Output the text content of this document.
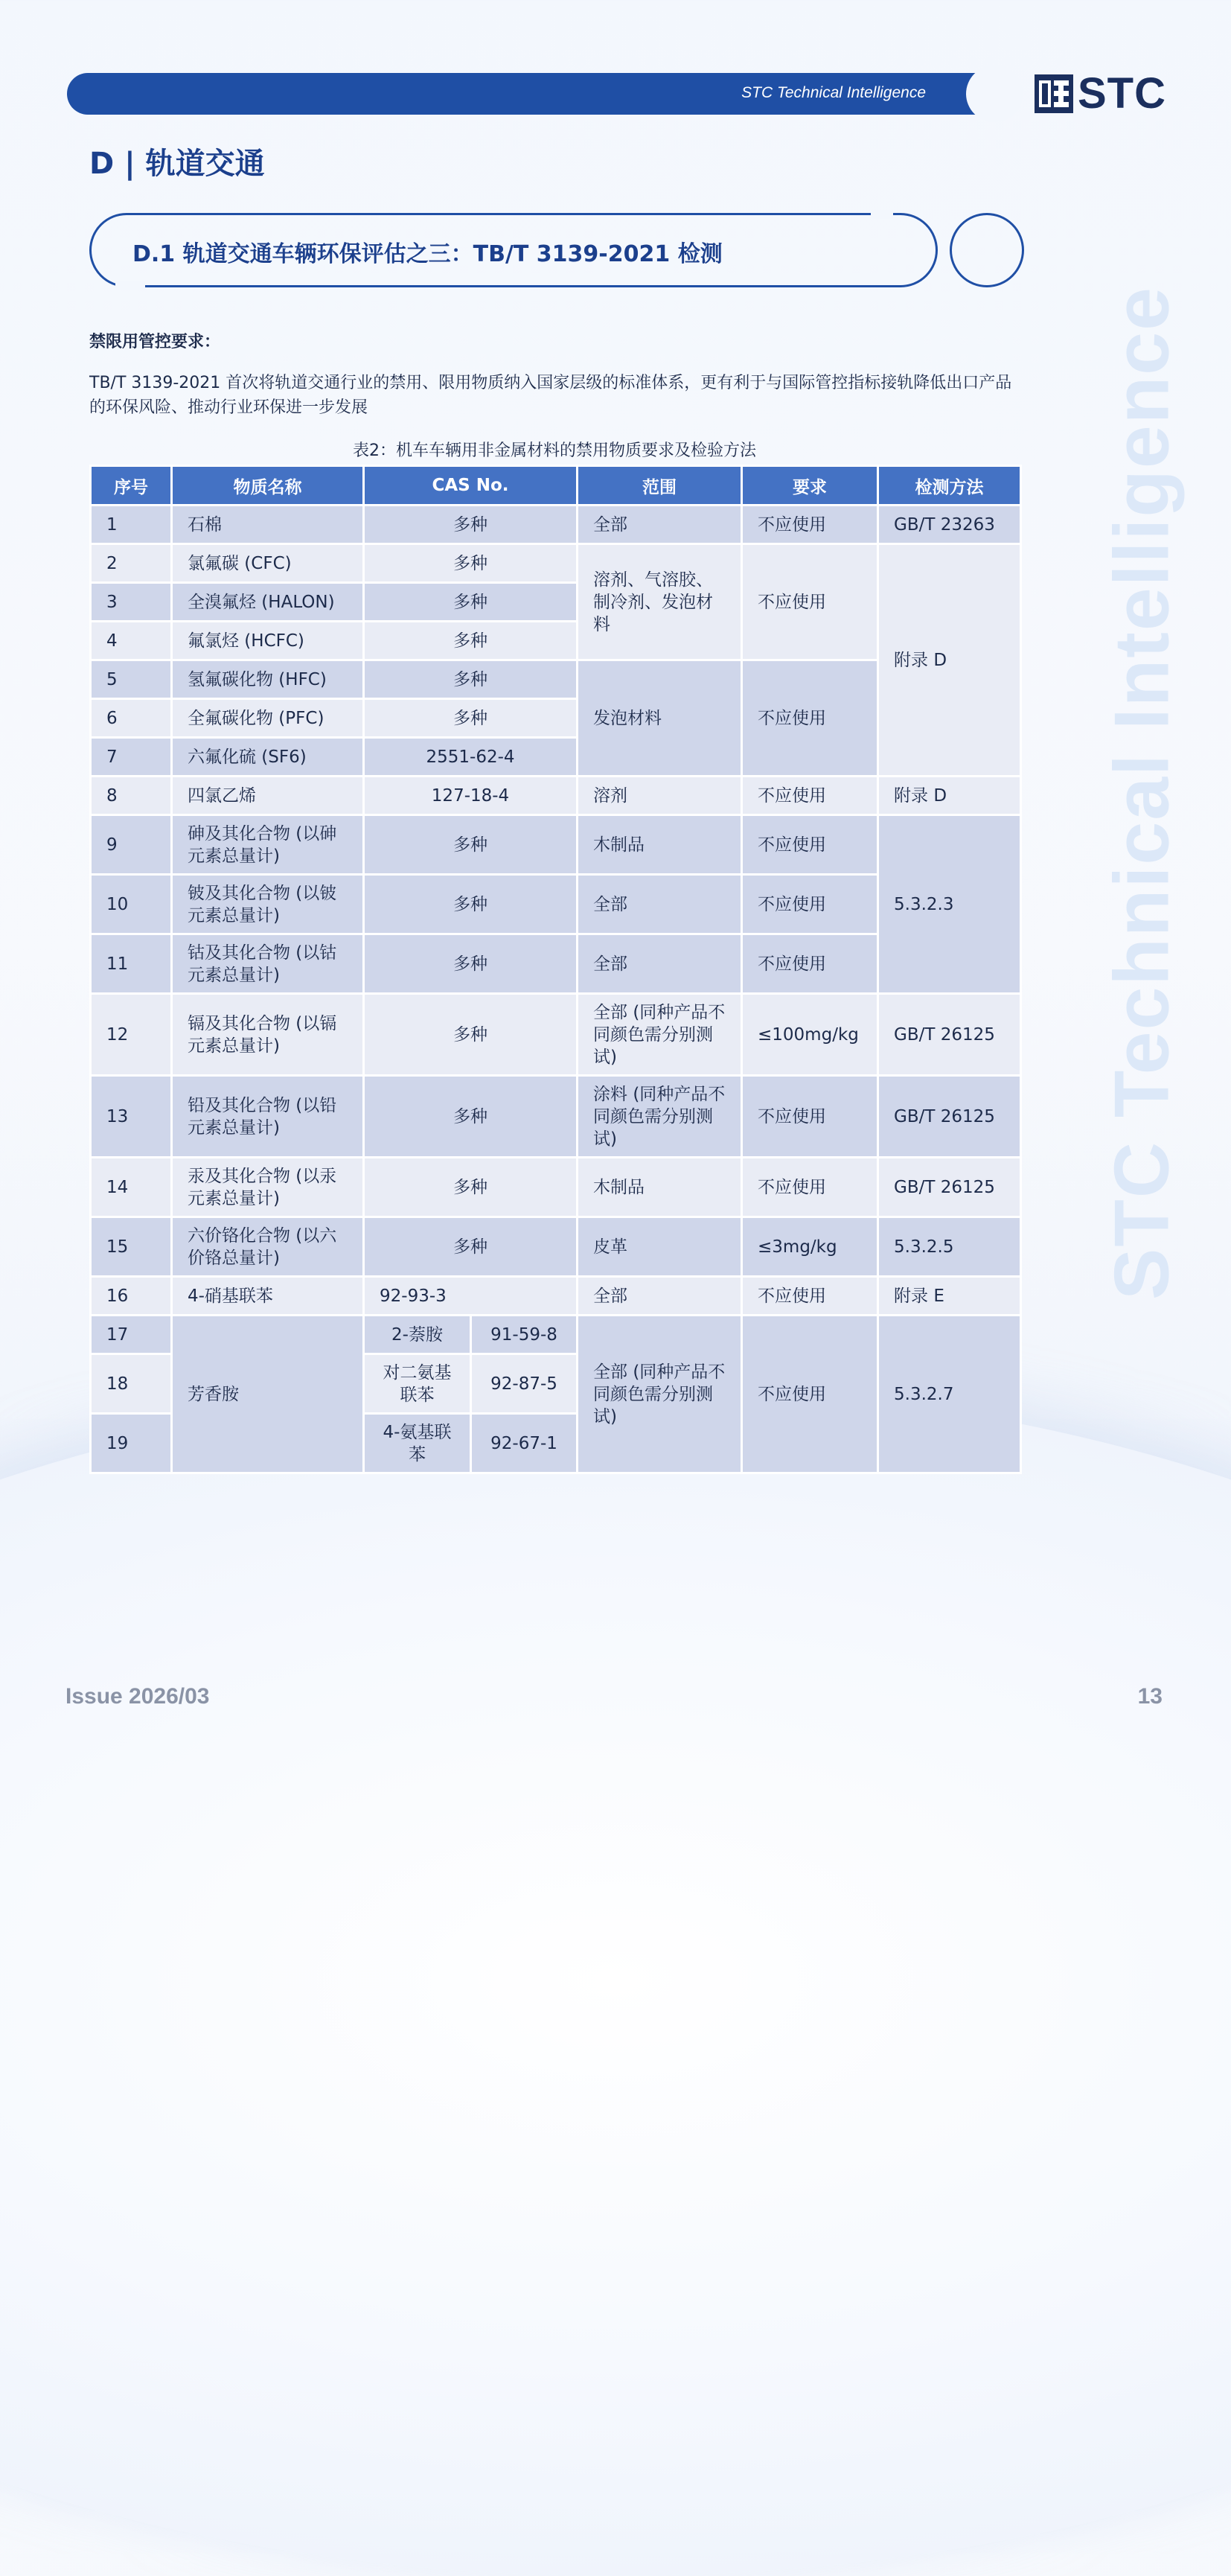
STC Technical Intelligence
STC Technical Intelligence	STC
D | 轨道交通
D.1 轨道交通车辆环保评估之三：TB/T 3139-2021 检测
禁限用管控要求：
TB/T 3139-2021 首次将轨道交通行业的禁用、限用物质纳入国家层级的标准体系，更有利于与国际管控指标接轨降低出口产品的环保风险、推动行业环保进一步发展
表2：机车车辆用非金属材料的禁用物质要求及检验方法
序号	物质名称	CAS No.		范围	要求	检测方法
1	石棉	多种		全部	不应使用	GB/T 23263
2	氯氟碳 (CFC)	多种		溶剂、气溶胶、制冷剂、发泡材料	不应使用	附录 D
3	全溴氟烃 (HALON)	多种				
4	氟氯烃 (HCFC)	多种				
5	氢氟碳化物 (HFC)	多种		发泡材料	不应使用	
6	全氟碳化物 (PFC)	多种				
7	六氟化硫 (SF6)	2551-62-4				
8	四氯乙烯	127-18-4		溶剂	不应使用	附录 D
9	砷及其化合物 (以砷元素总量计)	多种		木制品	不应使用	5.3.2.3
10	铍及其化合物 (以铍元素总量计)	多种		全部	不应使用	
11	钴及其化合物 (以钴元素总量计)	多种		全部	不应使用	
12	镉及其化合物 (以镉元素总量计)	多种		全部 (同种产品不同颜色需分别测试)	≤100mg/kg	GB/T 26125
13	铅及其化合物 (以铅元素总量计)	多种		涂料 (同种产品不同颜色需分别测试)	不应使用	GB/T 26125
14	汞及其化合物 (以汞元素总量计)	多种		木制品	不应使用	GB/T 26125
15	六价铬化合物 (以六价铬总量计)	多种		皮革	≤3mg/kg	5.3.2.5
16	4-硝基联苯	92-93-3		全部	不应使用	附录 E
17	芳香胺	2-萘胺	91-59-8	全部 (同种产品不同颜色需分别测试)	不应使用	5.3.2.7
18		对二氨基联苯	92-87-5			
19		4-氨基联苯	92-67-1			
Issue 2026/03	13
